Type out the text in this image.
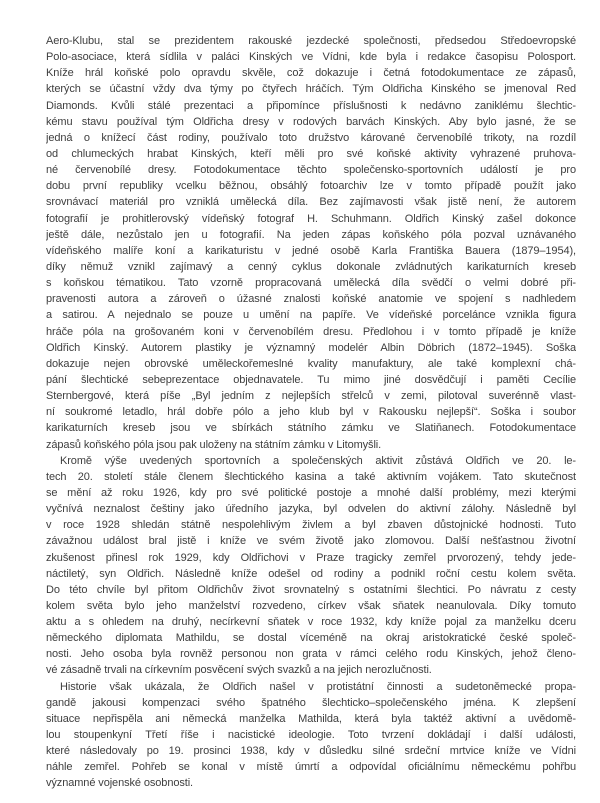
Aero-Klubu, stal se prezidentem rakouské jezdecké společnosti, předsedou Středoevropské
Polo-asociace, která sídlila v paláci Kinských ve Vídni, kde byla i redakce časopisu Polosport.
Kníže hrál koňské polo opravdu skvěle, což dokazuje i četná fotodokumentace ze zápasů,
kterých se účastní vždy dva týmy po čtyřech hráčích. Tým Oldřicha Kinského se jmenoval Red
Diamonds. Kvůli stálé prezentaci a připomínce příslušnosti k nedávno zaniklému šlechtic-
kému stavu používal tým Oldřicha dresy v rodových barvách Kinských. Aby bylo jasné, že se
jedná o knížecí část rodiny, používalo toto družstvo kárované červenobílé trikoty, na rozdíl
od chlumeckých hrabat Kinských, kteří měli pro své koňské aktivity vyhrazené pruhova-
né červenobílé dresy. Fotodokumentace těchto společensko-sportovních událostí je pro
dobu první republiky vcelku běžnou, obsáhlý fotoarchiv lze v tomto případě použít jako
srovnávací materiál pro vzniklá umělecká díla. Bez zajímavosti však jistě není, že autorem
fotografií je prohitlerovský vídeňský fotograf H. Schuhmann. Oldřich Kinský zašel dokonce
ještě dále, nezůstalo jen u fotografií. Na jeden zápas koňského póla pozval uznávaného
vídeňského malíře koní a karikaturistu v jedné osobě Karla Františka Bauera (1879–1954),
díky němuž vznikl zajímavý a cenný cyklus dokonale zvládnutých karikaturních kreseb
s koňskou tématikou. Tato vzorně propracovaná umělecká díla svědčí o velmi dobré při-
pravenosti autora a zároveň o úžasné znalosti koňské anatomie ve spojení s nadhledem
a satirou. A nejednalo se pouze u umění na papíře. Ve vídeňské porcelánce vznikla figura
hráče póla na grošovaném koni v červenobílém dresu. Předlohou i v tomto případě je kníže
Oldřich Kinský. Autorem plastiky je významný modelér Albin Döbrich (1872–1945). Soška
dokazuje nejen obrovské uměleckořemeslné kvality manufaktury, ale také komplexní chá-
pání šlechtické sebeprezentace objednavatele. Tu mimo jiné dosvědčují i paměti Cecílie
Sternbergové, která píše „Byl jedním z nejlepších střelců v zemi, pilotoval suverénně vlast-
ní soukromé letadlo, hrál dobře pólo a jeho klub byl v Rakousku nejlepší“. Soška i soubor
karikaturních kreseb jsou ve sbírkách státního zámku ve Slatiňanech. Fotodokumentace
zápasů koňského póla jsou pak uloženy na státním zámku v Litomyšli.
Kromě výše uvedených sportovních a společenských aktivit zůstává Oldřich ve 20. le-
tech 20. století stále členem šlechtického kasina a také aktivním vojákem. Tato skutečnost
se mění až roku 1926, kdy pro své politické postoje a mnohé další problémy, mezi kterými
vyčnívá neznalost češtiny jako úředního jazyka, byl odvelen do aktivní zálohy. Následně byl
v roce 1928 shledán státně nespolehlivým živlem a byl zbaven důstojnické hodnosti. Tuto
závažnou událost bral jistě i kníže ve svém životě jako zlomovou. Další nešťastnou životní
zkušenost přinesl rok 1929, kdy Oldřichovi v Praze tragicky zemřel prvorozený, tehdy jede-
náctiletý, syn Oldřich. Následně kníže odešel od rodiny a podnikl roční cestu kolem světa.
Do této chvíle byl přitom Oldřichův život srovnatelný s ostatními šlechtici. Po návratu z cesty
kolem světa bylo jeho manželství rozvedeno, církev však sňatek neanulovala. Díky tomuto
aktu a s ohledem na druhý, necírkevní sňatek v roce 1932, kdy kníže pojal za manželku dceru
německého diplomata Mathildu, se dostal víceméně na okraj aristokratické české společ-
nosti. Jeho osoba byla rovněž personou non grata v rámci celého rodu Kinských, jehož členo-
vé zásadně trvali na církevním posvěcení svých svazků a na jejich nerozlučnosti.
Historie však ukázala, že Oldřich našel v protistátní činnosti a sudetoněmecké propa-
gandě jakousi kompenzaci svého špatného šlechticko–společenského jména. K zlepšení
situace nepřispěla ani německá manželka Mathilda, která byla taktéž aktivní a uvědomě-
lou stoupenkyní Třetí říše i nacistické ideologie. Toto tvrzení dokládají i další události,
které následovaly po 19. prosinci 1938, kdy v důsledku silné srdeční mrtvice kníže ve Vídni
náhle zemřel. Pohřeb se konal v místě úmrtí a odpovídal oficiálnímu německému pohřbu
významné vojenské osobnosti.
